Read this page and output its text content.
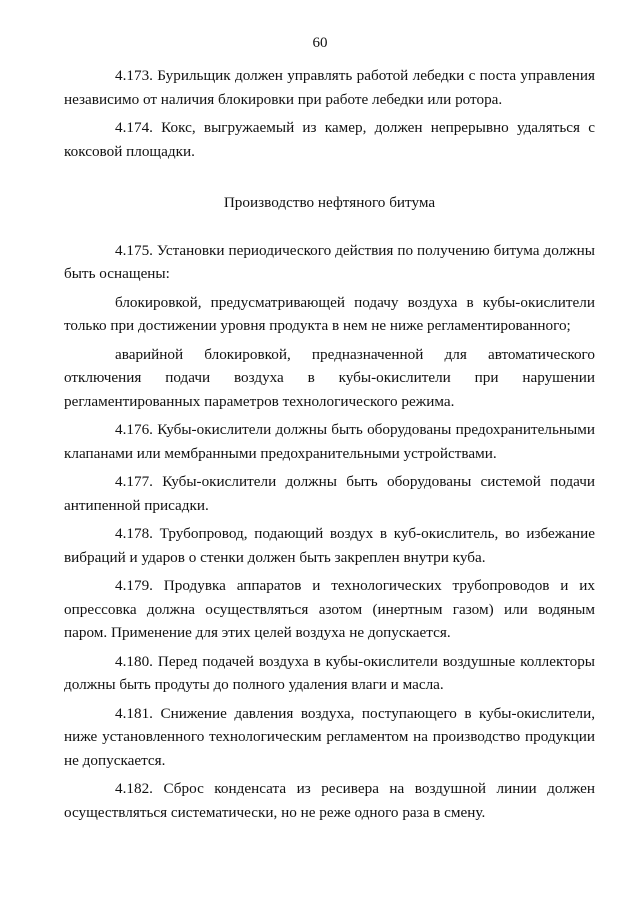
60

4.173. Бурильщик должен управлять работой лебедки с поста управления независимо от наличия блокировки при работе лебедки или ротора.

4.174. Кокс, выгружаемый из камер, должен непрерывно удаляться с коксовой площадки.

Производство нефтяного битума

4.175. Установки периодического действия по получению битума должны быть оснащены:

блокировкой, предусматривающей подачу воздуха в кубы-окислители только при достижении уровня продукта в нем не ниже регламентированного;

аварийной блокировкой, предназначенной для автоматического отключения подачи воздуха в кубы-окислители при нарушении регламентированных параметров технологического режима.

4.176. Кубы-окислители должны быть оборудованы предохранительными клапанами или мембранными предохранительными устройствами.

4.177. Кубы-окислители должны быть оборудованы системой подачи антипенной присадки.

4.178. Трубопровод, подающий воздух в куб-окислитель, во избежание вибраций и ударов о стенки должен быть закреплен внутри куба.

4.179. Продувка аппаратов и технологических трубопроводов и их опрессовка должна осуществляться азотом (инертным газом) или водяным паром. Применение для этих целей воздуха не допускается.

4.180. Перед подачей воздуха в кубы-окислители воздушные коллекторы должны быть продуты до полного удаления влаги и масла.

4.181. Снижение давления воздуха, поступающего в кубы-окислители, ниже установленного технологическим регламентом на производство продукции не допускается.

4.182. Сброс конденсата из ресивера на воздушной линии должен осуществляться систематически, но не реже одного раза в смену.
